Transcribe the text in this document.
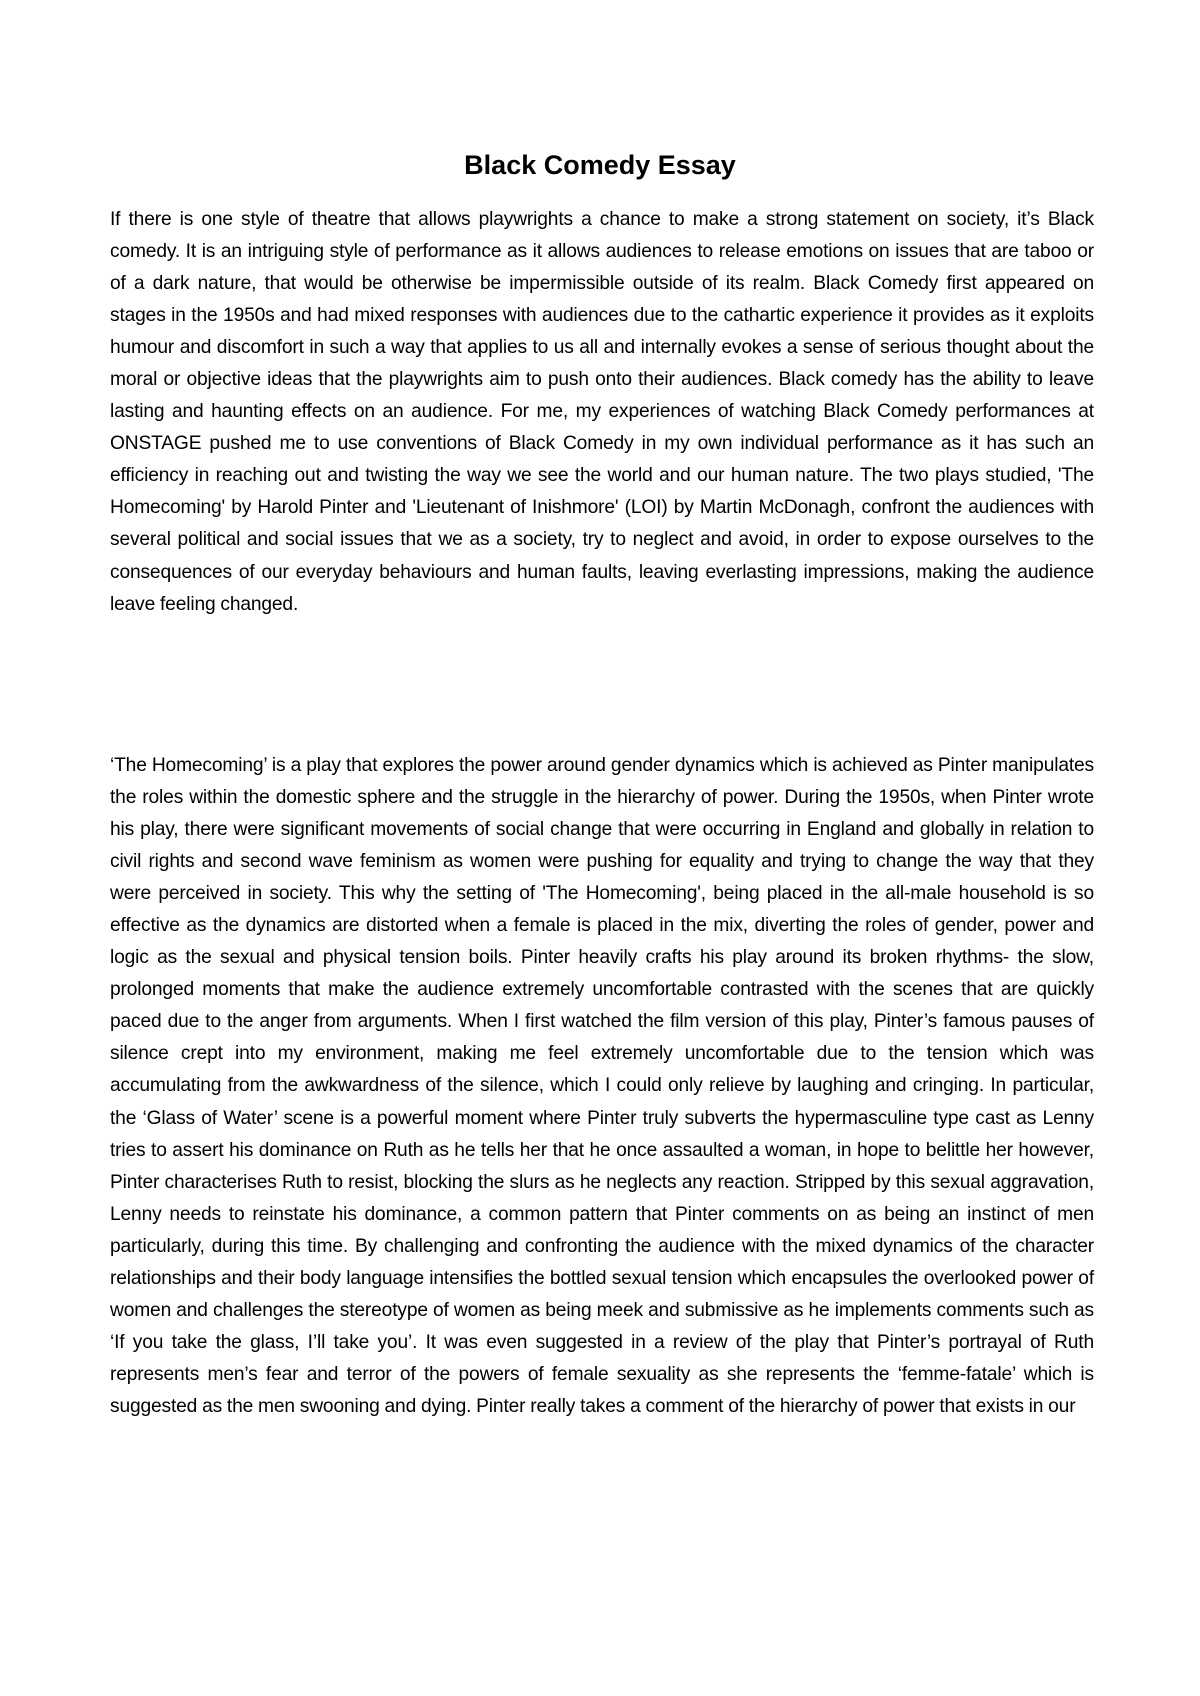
Black Comedy Essay

If there is one style of theatre that allows playwrights a chance to make a strong statement on society, it’s Black comedy. It is an intriguing style of performance as it allows audiences to release emotions on issues that are taboo or of a dark nature, that would be otherwise be impermissible outside of its realm. Black Comedy first appeared on stages in the 1950s and had mixed responses with audiences due to the cathartic experience it provides as it exploits humour and discomfort in such a way that applies to us all and internally evokes a sense of serious thought about the moral or objective ideas that the playwrights aim to push onto their audiences. Black comedy has the ability to leave lasting and haunting effects on an audience. For me, my experiences of watching Black Comedy performances at ONSTAGE pushed me to use conventions of Black Comedy in my own individual performance as it has such an efficiency in reaching out and twisting the way we see the world and our human nature. The two plays studied, 'The Homecoming' by Harold Pinter and 'Lieutenant of Inishmore' (LOI) by Martin McDonagh, confront the audiences with several political and social issues that we as a society, try to neglect and avoid, in order to expose ourselves to the consequences of our everyday behaviours and human faults, leaving everlasting impressions, making the audience leave feeling changed.

‘The Homecoming’ is a play that explores the power around gender dynamics which is achieved as Pinter manipulates the roles within the domestic sphere and the struggle in the hierarchy of power. During the 1950s, when Pinter wrote his play, there were significant movements of social change that were occurring in England and globally in relation to civil rights and second wave feminism as women were pushing for equality and trying to change the way that they were perceived in society. This why the setting of 'The Homecoming', being placed in the all-male household is so effective as the dynamics are distorted when a female is placed in the mix, diverting the roles of gender, power and logic as the sexual and physical tension boils. Pinter heavily crafts his play around its broken rhythms- the slow, prolonged moments that make the audience extremely uncomfortable contrasted with the scenes that are quickly paced due to the anger from arguments. When I first watched the film version of this play, Pinter’s famous pauses of silence crept into my environment, making me feel extremely uncomfortable due to the tension which was accumulating from the awkwardness of the silence, which I could only relieve by laughing and cringing. In particular, the ‘Glass of Water’ scene is a powerful moment where Pinter truly subverts the hypermasculine type cast as Lenny tries to assert his dominance on Ruth as he tells her that he once assaulted a woman, in hope to belittle her however, Pinter characterises Ruth to resist, blocking the slurs as he neglects any reaction. Stripped by this sexual aggravation, Lenny needs to reinstate his dominance, a common pattern that Pinter comments on as being an instinct of men particularly, during this time. By challenging and confronting the audience with the mixed dynamics of the character relationships and their body language intensifies the bottled sexual tension which encapsules the overlooked power of women and challenges the stereotype of women as being meek and submissive as he implements comments such as ‘If you take the glass, I’ll take you’. It was even suggested in a review of the play that Pinter’s portrayal of Ruth represents men’s fear and terror of the powers of female sexuality as she represents the ‘femme-fatale’ which is suggested as the men swooning and dying. Pinter really takes a comment of the hierarchy of power that exists in our
